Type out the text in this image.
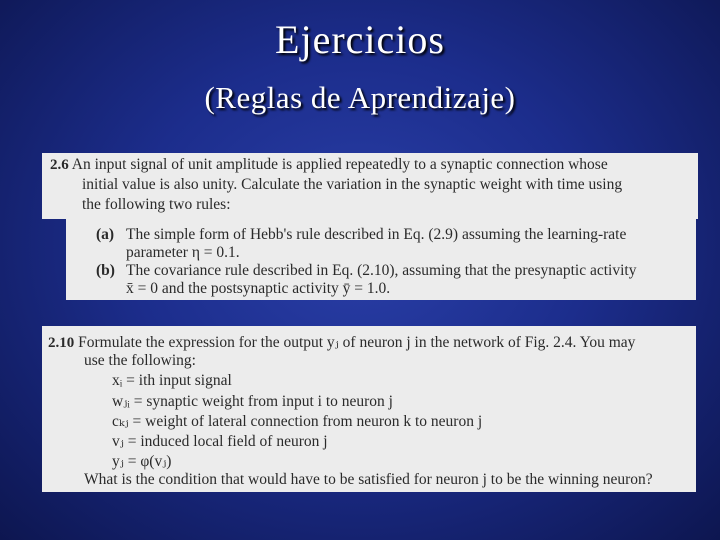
Ejercicios
(Reglas de Aprendizaje)
2.6 An input signal of unit amplitude is applied repeatedly to a synaptic connection whose
initial value is also unity. Calculate the variation in the synaptic weight with time using
the following two rules:
(a) The simple form of Hebb's rule described in Eq. (2.9) assuming the learning-rate
parameter η = 0.1.
(b) The covariance rule described in Eq. (2.10), assuming that the presynaptic activity
x̄ = 0 and the postsynaptic activity ȳ = 1.0.
2.10 Formulate the expression for the output yⱼ of neuron j in the network of Fig. 2.4. You may
use the following:
xᵢ = ith input signal
wⱼᵢ = synaptic weight from input i to neuron j
cₖⱼ = weight of lateral connection from neuron k to neuron j
vⱼ = induced local field of neuron j
yⱼ = φ(vⱼ)
What is the condition that would have to be satisfied for neuron j to be the winning neuron?
